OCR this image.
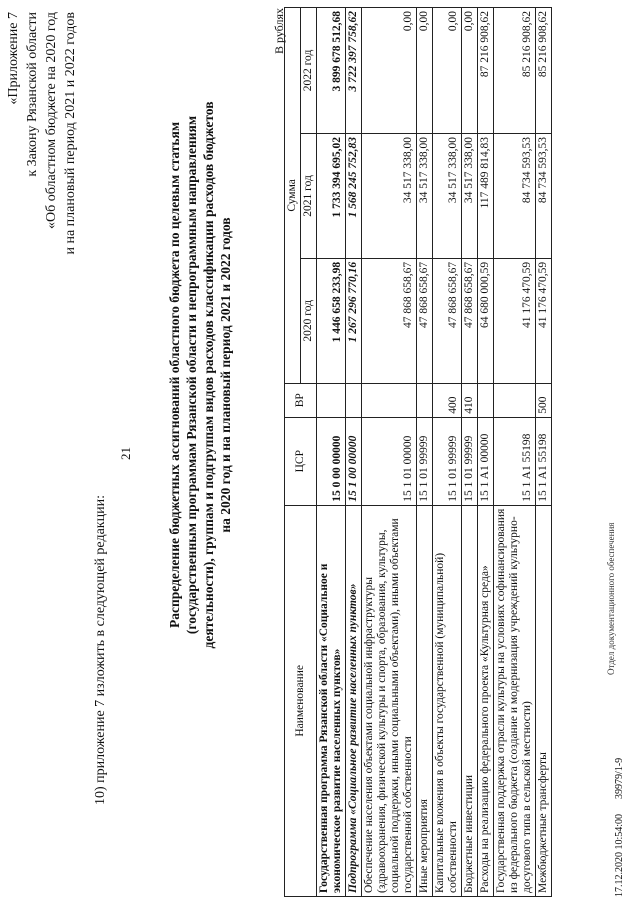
21
10) приложение 7 изложить в следующей редакции:
«Приложение 7 к Закону Рязанской области «Об областном бюджете на 2020 год и на плановый период 2021 и 2022 годов	Распределение бюджетных ассигнований областного бюджета по целевым статьям (государственным программам Рязанской области и непрограммным направлениям деятельности), группам и подгруппам видов расходов классификации расходов бюджетов на 2020 год и на плановый период 2021 и 2022 годов
В рублях
Наименование	ЦСР	ВР	Сумма		
			2020 год	2021 год	2022 год
Государственная программа Рязанской области «Социальное и экономическое развитие населенных пунктов»	15 0 00 00000		1 446 658 233,98	1 733 394 695,02	3 899 678 512,68
Подпрограмма «Социальное развитие населенных пунктов»	15 1 00 00000		1 267 296 770,16	1 568 245 752,83	3 722 397 758,62
Обеспечение населения объектами социальной инфраструктуры (здравоохранения, физической культуры и спорта, образования, культуры, социальной поддержки, иными социальными объектами), иными объектами государственной собственности	15 1 01 00000		47 868 658,67	34 517 338,00	0,00
Иные мероприятия	15 1 01 99999		47 868 658,67	34 517 338,00	0,00
Капитальные вложения в объекты государственной (муниципальной) собственности	15 1 01 99999	400	47 868 658,67	34 517 338,00	0,00
Бюджетные инвестиции	15 1 01 99999	410	47 868 658,67	34 517 338,00	0,00
Расходы на реализацию федерального проекта «Культурная среда»	15 1 A1 00000		64 680 000,59	117 489 814,83	87 216 908,62
Государственная поддержка отрасли культуры на условиях софинансирования из федерального бюджета (создание и модернизация учреждений культурно-досугового типа в сельской местности)	15 1 A1 55198		41 176 470,59	84 734 593,53	85 216 908,62
Межбюджетные трансферты	15 1 A1 55198	500	41 176 470,59	84 734 593,53	85 216 908,62
17.12.2020 10:54:00      39979/1-9
Отдел документационного обеспечения
